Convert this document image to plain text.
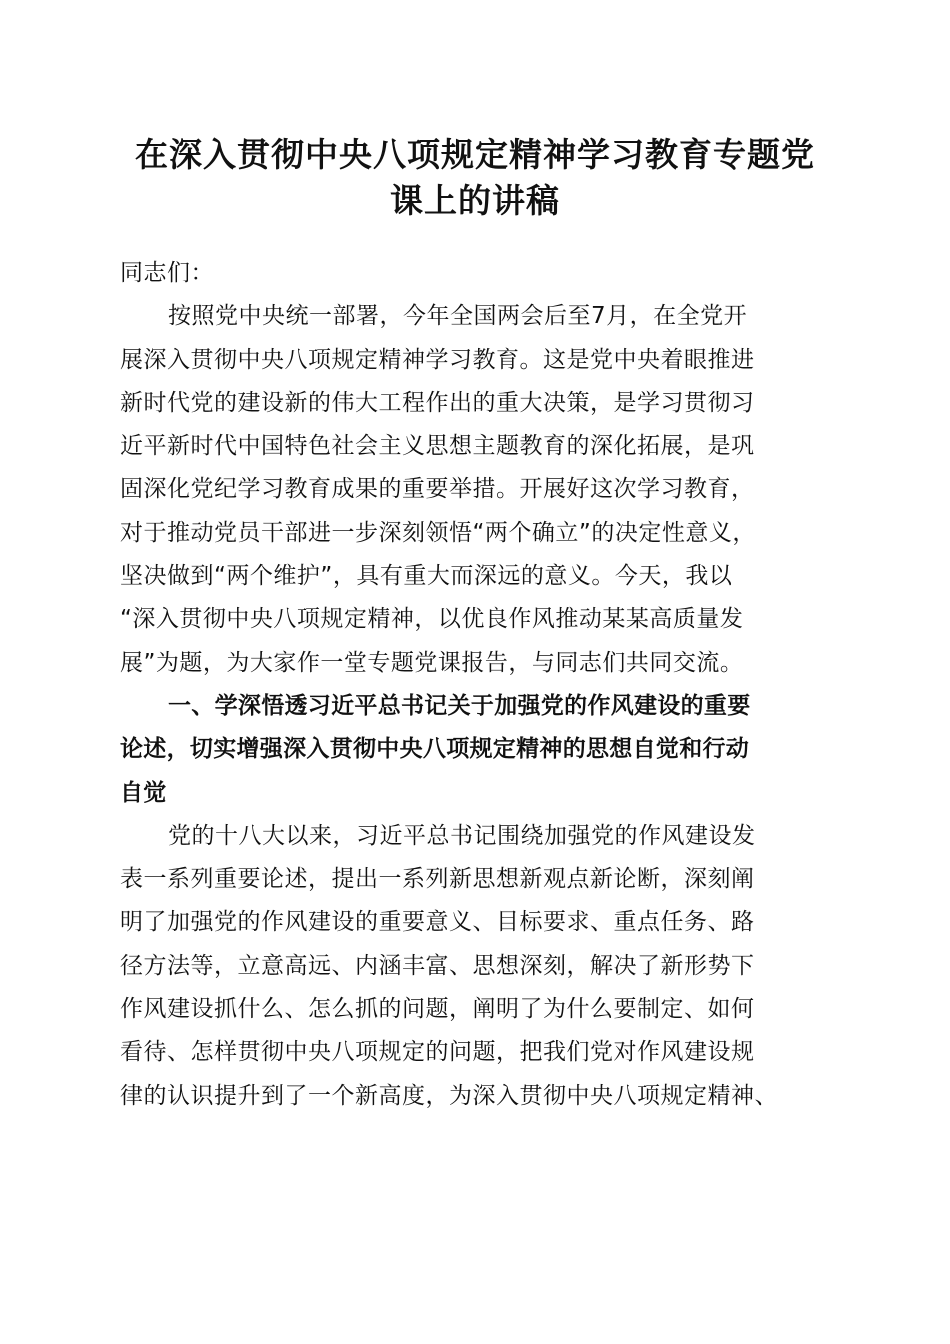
在深入贯彻中央八项规定精神学习教育专题党
课上的讲稿
同志们：
按照党中央统一部署，今年全国两会后至7月，在全党开
展深入贯彻中央八项规定精神学习教育。这是党中央着眼推进
新时代党的建设新的伟大工程作出的重大决策，是学习贯彻习
近平新时代中国特色社会主义思想主题教育的深化拓展，是巩
固深化党纪学习教育成果的重要举措。开展好这次学习教育，
对于推动党员干部进一步深刻领悟“两个确立”的决定性意义，
坚决做到“两个维护”，具有重大而深远的意义。今天，我以
“深入贯彻中央八项规定精神，以优良作风推动某某高质量发
展”为题，为大家作一堂专题党课报告，与同志们共同交流。
一、学深悟透习近平总书记关于加强党的作风建设的重要
论述，切实增强深入贯彻中央八项规定精神的思想自觉和行动
自觉
党的十八大以来，习近平总书记围绕加强党的作风建设发
表一系列重要论述，提出一系列新思想新观点新论断，深刻阐
明了加强党的作风建设的重要意义、目标要求、重点任务、路
径方法等，立意高远、内涵丰富、思想深刻，解决了新形势下
作风建设抓什么、怎么抓的问题，阐明了为什么要制定、如何
看待、怎样贯彻中央八项规定的问题，把我们党对作风建设规
律的认识提升到了一个新高度，为深入贯彻中央八项规定精神、
